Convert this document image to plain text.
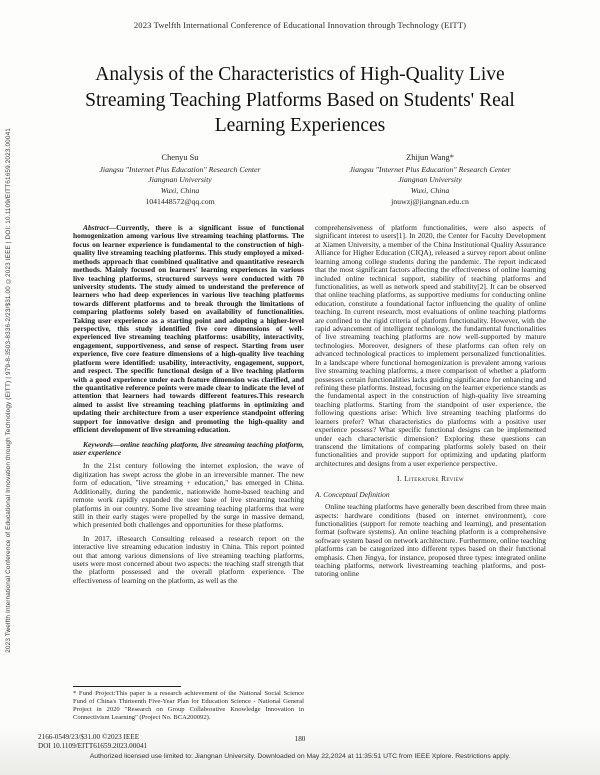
2023 Twelfth International Conference of Educational Innovation through Technology (EITT)
2023 Twelfth International Conference of Educational Innovation through Technology (EITT) | 979-8-3503-8336-2/23/$31.00 ©2023 IEEE | DOI: 10.1109/EITT61659.2023.00041
Analysis of the Characteristics of High-Quality Live Streaming Teaching Platforms Based on Students' Real Learning Experiences
Chenyu Su
Jiangsu "Internet Plus Education" Research Center
Jiangnan University
Wuxi, China
1041448572@qq.com
Zhijun Wang*
Jiangsu "Internet Plus Education" Research Center
Jiangnan University
Wuxi, China
jnuwzj@jiangnan.edu.cn

Abstract—Currently, there is a significant issue of functional homogenization among various live streaming teaching platforms. The focus on learner experience is fundamental to the construction of high-quality live streaming teaching platforms. This study employed a mixed-methods approach that combined qualitative and quantitative research methods. Mainly focused on learners' learning experiences in various live teaching platforms, structured surveys were conducted with 70 university students. The study aimed to understand the preference of learners who had deep experiences in various live teaching platforms towards different platforms and to break through the limitations of comparing platforms solely based on availability of functionalities. Taking user experience as a starting point and adopting a higher-level perspective, this study identified five core dimensions of well-experienced live streaming teaching platforms: usability, interactivity, engagement, supportiveness, and sense of respect. Starting from user experience, five core feature dimensions of a high-quality live teaching platform were identified: usability, interactivity, engagement, support, and respect. The specific functional design of a live teaching platform with a good experience under each feature dimension was clarified, and the quantitative reference points were made clear to indicate the level of attention that learners had towards different features.This research aimed to assist live streaming teaching platforms in optimizing and updating their architecture from a user experience standpoint offering support for innovative design and promoting the high-quality and efficient development of live streaming education.

Keywords—online teaching platform, live streaming teaching platform, user experience

In the 21st century following the internet explosion, the wave of digitization has swept across the globe in an irreversible manner. The new form of education, "live streaming + education," has emerged in China. Additionally, during the pandemic, nationwide home-based teaching and remote work rapidly expanded the user base of live streaming teaching platforms in our country. Some live streaming teaching platforms that were still in their early stages were propelled by the surge in massive demand, which presented both challenges and opportunities for these platforms.

In 2017, iResearch Consulting released a research report on the interactive live streaming education industry in China. This report pointed out that among various dimensions of live streaming teaching platforms, users were most concerned about two aspects: the teaching staff strength that the platform possessed and the overall platform experience. The effectiveness of learning on the platform, as well as the

* Fund Project:This paper is a research achievement of the National Social Science Fund of China's Thirteenth Five-Year Plan for Education Science - National General Project in 2020 "Research on Group Collaborative Knowledge Innovation in Connectivism Learning" (Project No. BCA200092).

comprehensiveness of platform functionalities, were also aspects of significant interest to users[1]. In 2020, the Center for Faculty Development at Xiamen University, a member of the China Institutional Quality Assurance Alliance for Higher Education (CIQA), released a survey report about online learning among college students during the pandemic. The report indicated that the most significant factors affecting the effectiveness of online learning included online technical support, stability of teaching platforms and functionalities, as well as network speed and stability[2]. It can be observed that online teaching platforms, as supportive mediums for conducting online education, constitute a foundational factor influencing the quality of online teaching. In current research, most evaluations of online teaching platforms are confined to the rigid criteria of platform functionality. However, with the rapid advancement of intelligent technology, the fundamental functionalities of live streaming teaching platforms are now well-supported by mature technologies. Moreover, designers of these platforms can often rely on advanced technological practices to implement personalized functionalities. In a landscape where functional homogenization is prevalent among various live streaming teaching platforms, a mere comparison of whether a platform possesses certain functionalities lacks guiding significance for enhancing and refining these platforms. Instead, focusing on the learner experience stands as the fundamental aspect in the construction of high-quality live streaming teaching platforms. Starting from the standpoint of user experience, the following questions arise: Which live streaming teaching platforms do learners prefer? What characteristics do platforms with a positive user experience possess? What specific functional designs can be implemented under each characteristic dimension? Exploring these questions can transcend the limitations of comparing platforms solely based on their functionalities and provide support for optimizing and updating platform architectures and designs from a user experience perspective.

I. Literature Review

A. Conceptual Definition

Online teaching platforms have generally been described from three main aspects: hardware conditions (based on internet environment), core functionalities (support for remote teaching and learning), and presentation format (software systems). An online teaching platform is a comprehensive software system based on network architecture. Furthermore, online teaching platforms can be categorized into different types based on their functional emphasis. Chen Jingya, for instance, proposed three types: integrated online teaching platforms, network livestreaming teaching platforms, and post-tutoring online

2166-0549/23/$31.00 ©2023 IEEE
DOI 10.1109/EITT61659.2023.00041
180
Authorized licensed use limited to: Jiangnan University. Downloaded on May 22,2024 at 11:35:51 UTC from IEEE Xplore. Restrictions apply.
